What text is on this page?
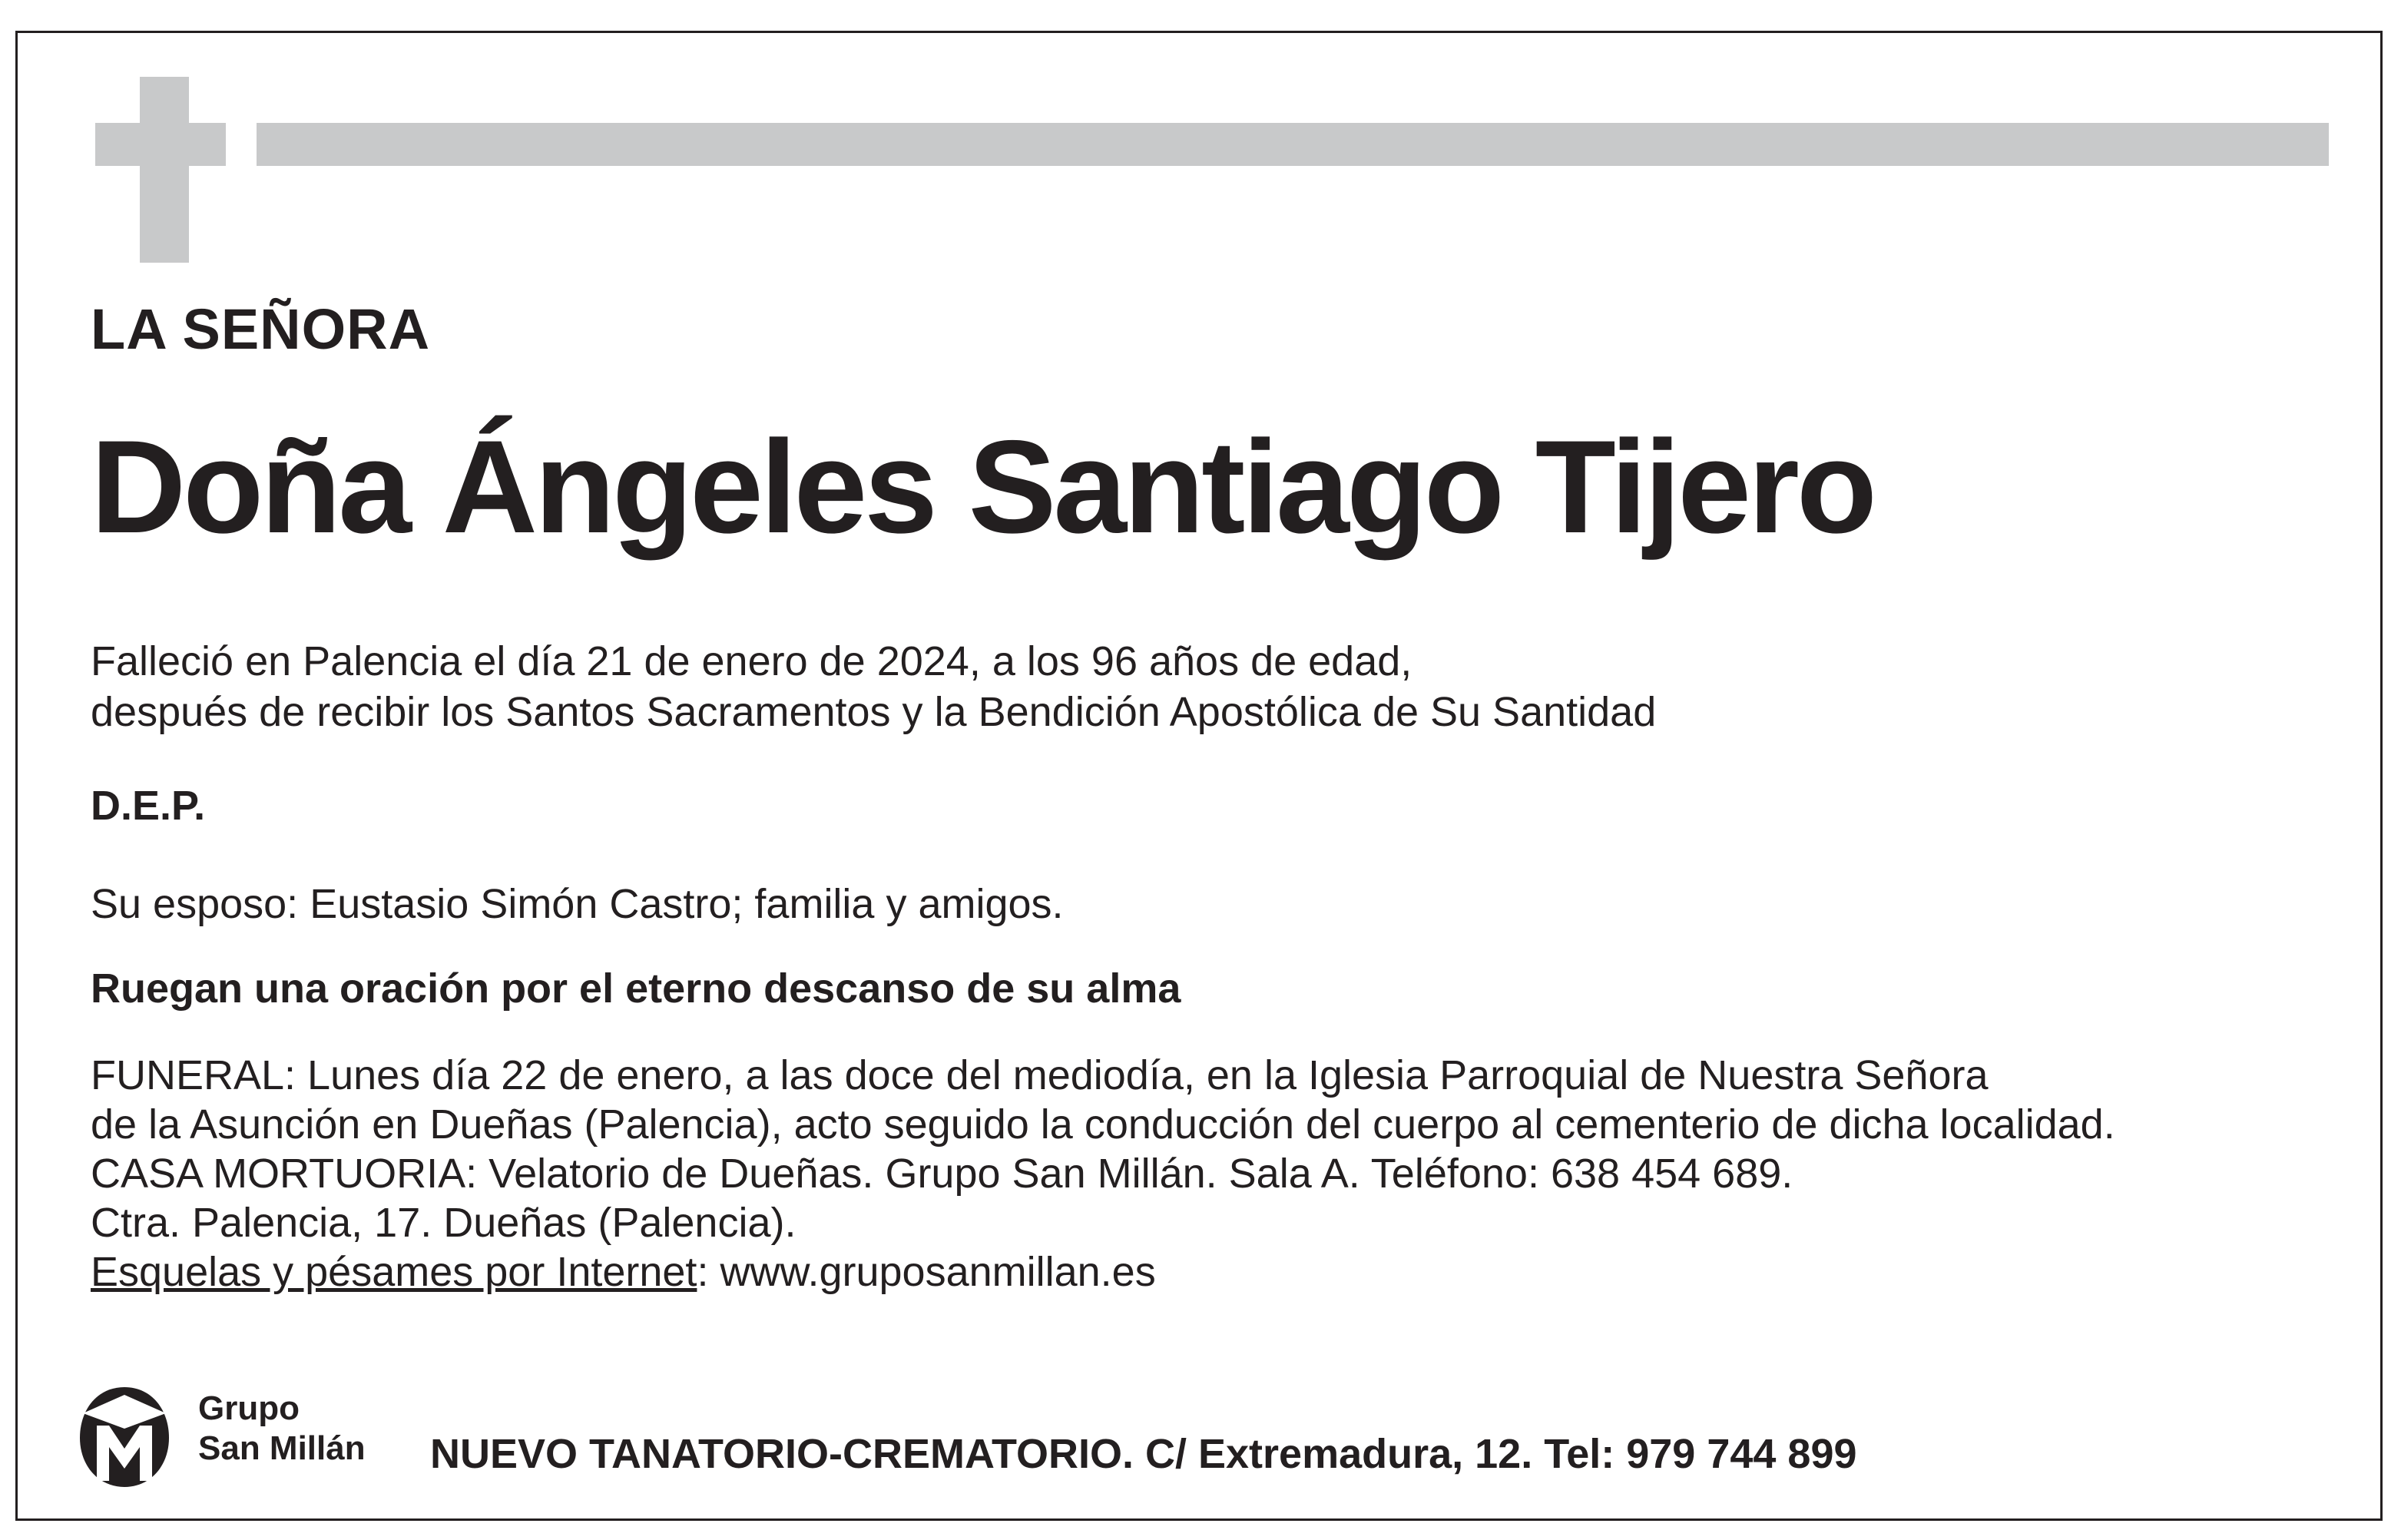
LA SEÑORA
Doña Ángeles Santiago Tijero
Falleció en Palencia el día 21 de enero de 2024, a los 96 años de edad,
después de recibir los Santos Sacramentos y la Bendición Apostólica de Su Santidad
D.E.P.
Su esposo: Eustasio Simón Castro; familia y amigos.
Ruegan una oración por el eterno descanso de su alma
FUNERAL: Lunes día 22 de enero, a las doce del mediodía, en la Iglesia Parroquial de Nuestra Señora
de la Asunción en Dueñas (Palencia), acto seguido la conducción del cuerpo al cementerio de dicha localidad.
CASA MORTUORIA: Velatorio de Dueñas. Grupo San Millán. Sala A. Teléfono: 638 454 689.
Ctra. Palencia, 17. Dueñas (Palencia).
Esquelas y pésames por Internet: www.gruposanmillan.es
Grupo
San Millán NUEVO TANATORIO-CREMATORIO. C/ Extremadura, 12. Tel: 979 744 899
